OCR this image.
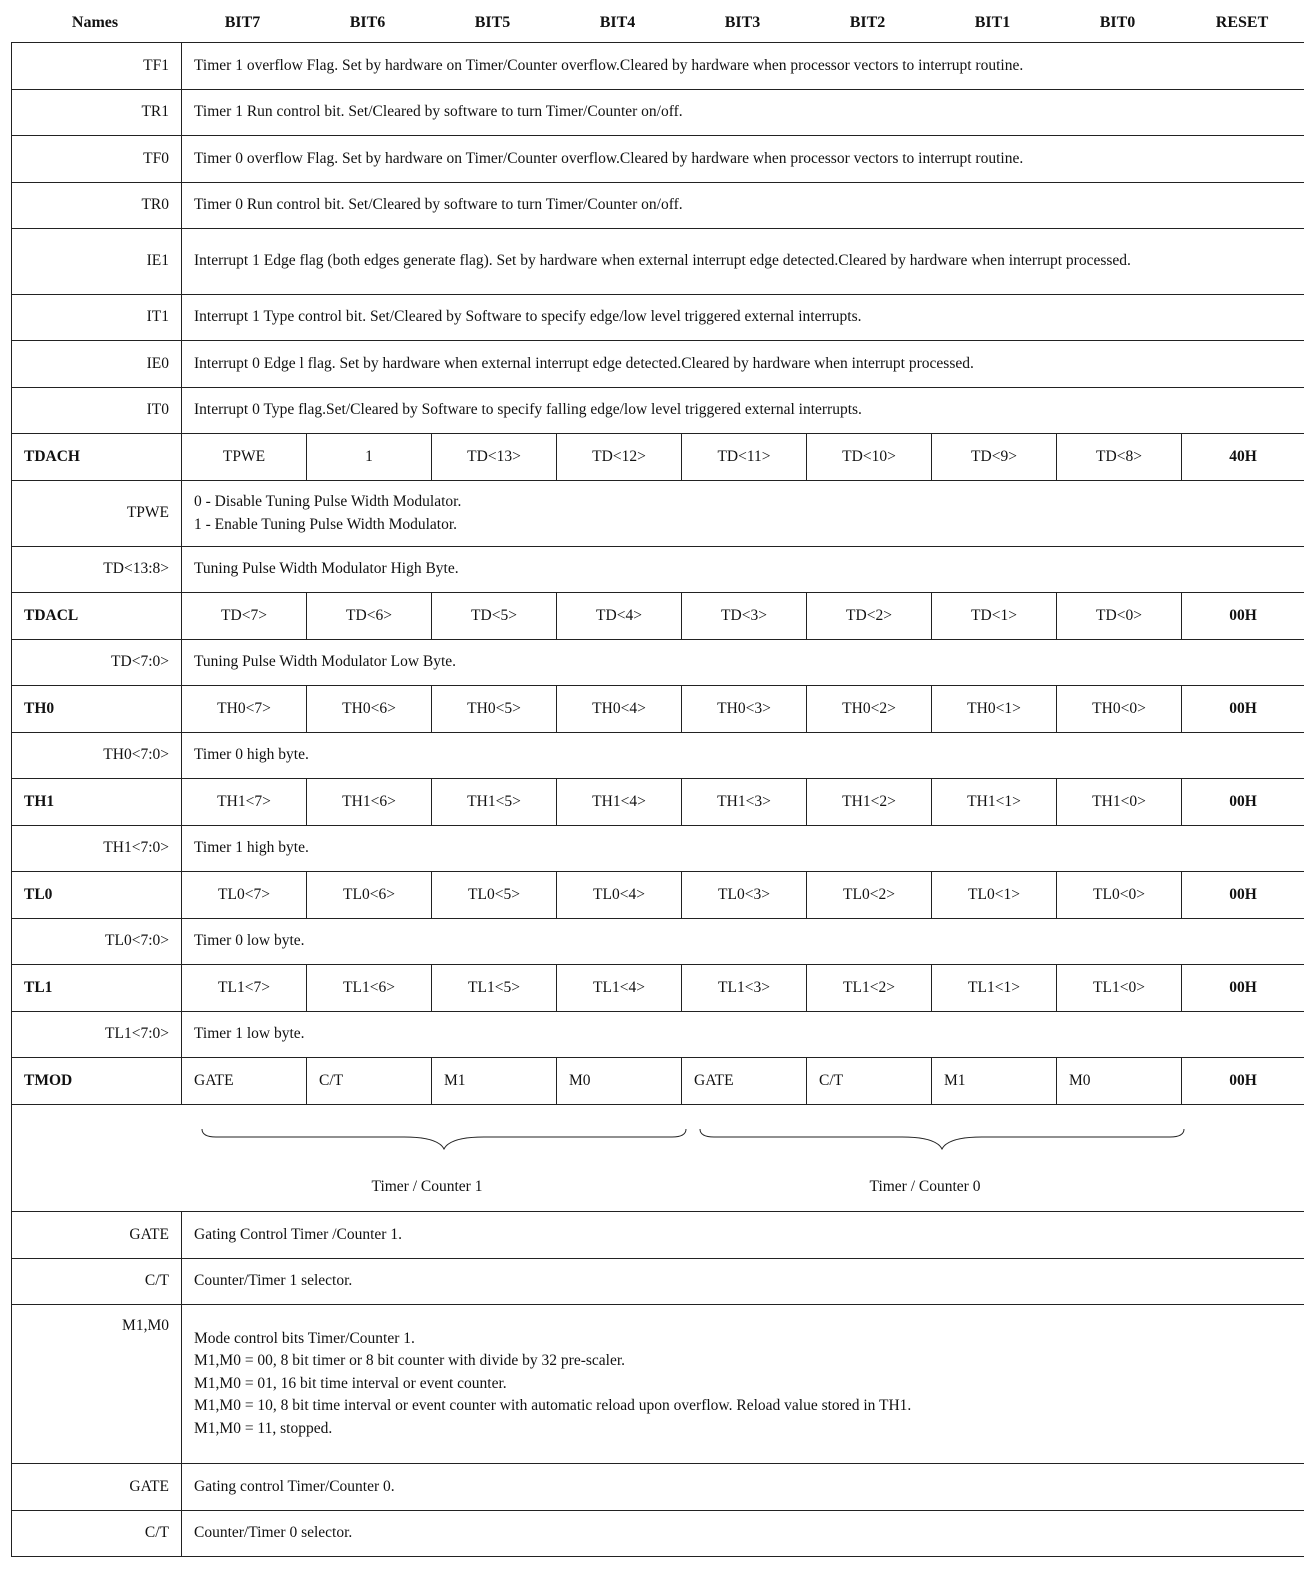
Names	BIT7	BIT6	BIT5	BIT4	BIT3	BIT2	BIT1	BIT0	RESET
TF1	Timer 1 overflow Flag. Set by hardware on Timer/Counter overflow.Cleared by hardware when processor vectors to interrupt routine.								
TR1	Timer 1 Run control bit. Set/Cleared by software to turn Timer/Counter on/off.								
TF0	Timer 0 overflow Flag. Set by hardware on Timer/Counter overflow.Cleared by hardware when processor vectors to interrupt routine.								
TR0	Timer 0 Run control bit. Set/Cleared by software to turn Timer/Counter on/off.								
IE1	Interrupt 1 Edge flag (both edges generate flag). Set by hardware when external interrupt edge detected.Cleared by hardware when interrupt processed.								
IT1	Interrupt 1 Type control bit. Set/Cleared by Software to specify edge/low level triggered external interrupts.								
IE0	Interrupt 0 Edge l flag. Set by hardware when external interrupt edge detected.Cleared by hardware when interrupt processed.								
IT0	Interrupt 0 Type flag.Set/Cleared by Software to specify falling edge/low level triggered external interrupts.								
TDACH	TPWE	1	TD<13>	TD<12>	TD<11>	TD<10>	TD<9>	TD<8>	40H
TPWE	0 - Disable Tuning Pulse Width Modulator.
1 - Enable Tuning Pulse Width Modulator.								

TD<13:8>	Tuning Pulse Width Modulator High Byte.								
TDACL	TD<7>	TD<6>	TD<5>	TD<4>	TD<3>	TD<2>	TD<1>	TD<0>	00H
TD<7:0>	Tuning Pulse Width Modulator Low Byte.								
TH0	TH0<7>	TH0<6>	TH0<5>	TH0<4>	TH0<3>	TH0<2>	TH0<1>	TH0<0>	00H
TH0<7:0>	Timer 0 high byte.								
TH1	TH1<7>	TH1<6>	TH1<5>	TH1<4>	TH1<3>	TH1<2>	TH1<1>	TH1<0>	00H
TH1<7:0>	Timer 1 high byte.								
TL0	TL0<7>	TL0<6>	TL0<5>	TL0<4>	TL0<3>	TL0<2>	TL0<1>	TL0<0>	00H
TL0<7:0>	Timer 0 low byte.								
TL1	TL1<7>	TL1<6>	TL1<5>	TL1<4>	TL1<3>	TL1<2>	TL1<1>	TL1<0>	00H
TL1<7:0>	Timer 1 low byte.								
TMOD	GATE	C/T	M1	M0	GATE	C/T	M1	M0	00H

Timer / Counter 1 Timer / Counter 0									

GATE	Gating Control Timer /Counter 1.								
C/T	Counter/Timer 1 selector.								
M1,M0	Mode control bits Timer/Counter 1.
M1,M0 = 00, 8 bit timer or 8 bit counter with divide by 32 pre-scaler.
M1,M0 = 01, 16 bit time interval or event counter.
M1,M0 = 10, 8 bit time interval or event counter with automatic reload upon overflow. Reload value stored in TH1.
M1,M0 = 11, stopped.								

GATE	Gating control Timer/Counter 0.								
C/T	Counter/Timer 0 selector.								
